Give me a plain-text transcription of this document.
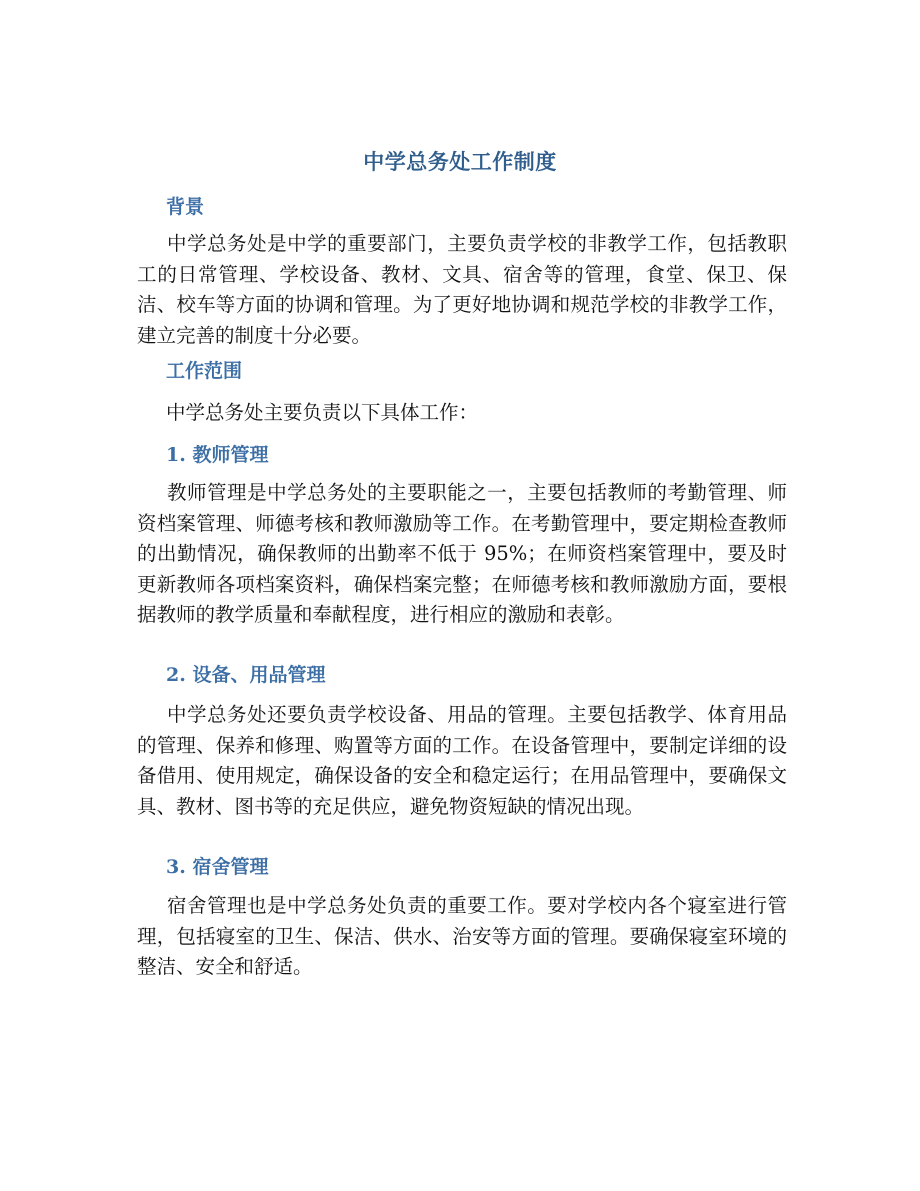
中学总务处工作制度
背景
中学总务处是中学的重要部门，主要负责学校的非教学工作，包括教职工的日常管理、学校设备、教材、文具、宿舍等的管理，食堂、保卫、保洁、校车等方面的协调和管理。为了更好地协调和规范学校的非教学工作，建立完善的制度十分必要。
工作范围
中学总务处主要负责以下具体工作：
1. 教师管理
教师管理是中学总务处的主要职能之一，主要包括教师的考勤管理、师资档案管理、师德考核和教师激励等工作。在考勤管理中，要定期检查教师的出勤情况，确保教师的出勤率不低于 95%；在师资档案管理中，要及时更新教师各项档案资料，确保档案完整；在师德考核和教师激励方面，要根据教师的教学质量和奉献程度，进行相应的激励和表彰。
2. 设备、用品管理
中学总务处还要负责学校设备、用品的管理。主要包括教学、体育用品的管理、保养和修理、购置等方面的工作。在设备管理中，要制定详细的设备借用、使用规定，确保设备的安全和稳定运行；在用品管理中，要确保文具、教材、图书等的充足供应，避免物资短缺的情况出现。
3. 宿舍管理
宿舍管理也是中学总务处负责的重要工作。要对学校内各个寝室进行管理，包括寝室的卫生、保洁、供水、治安等方面的管理。要确保寝室环境的整洁、安全和舒适。
